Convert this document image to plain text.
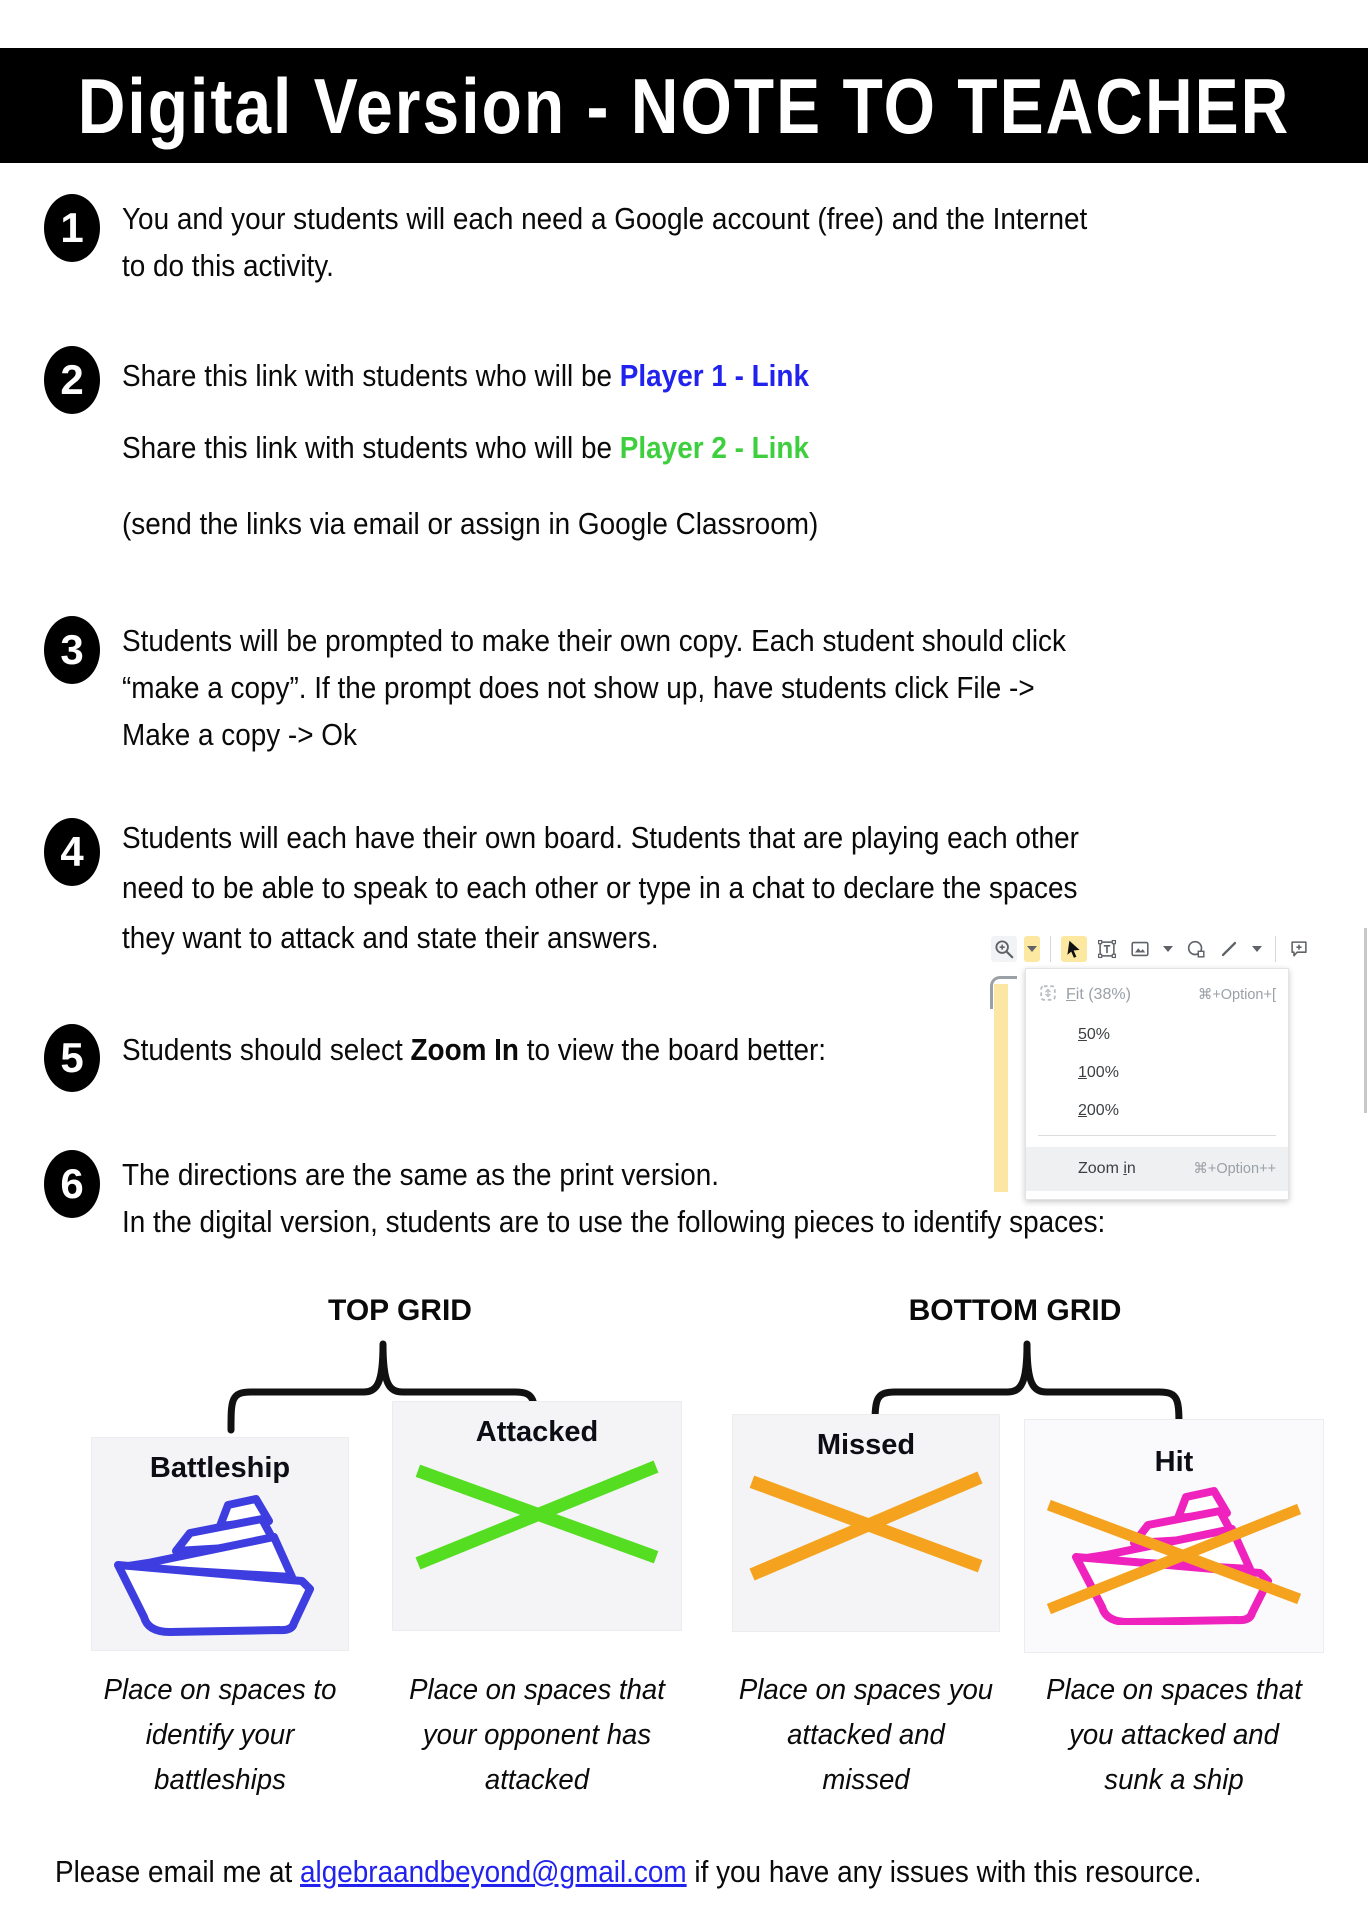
Digital Version - NOTE TO TEACHER
1	You and your students will each need a Google account (free) and the Internet
to do this activity.
2	Share this link with students who will be Player 1 - Link
Share this link with students who will be Player 2 - Link
(send the links via email or assign in Google Classroom)
3	Students will be prompted to make their own copy. Each student should click
“make a copy”. If the prompt does not show up, have students click File ->
Make a copy -> Ok
4	Students will each have their own board. Students that are playing each other
need to be able to speak to each other or type in a chat to declare the spaces
they want to attack and state their answers.
5	Students should select Zoom In to view the board better:
6	The directions are the same as the print version.
In the digital version, students are to use the following pieces to identify spaces:
Fit (38%)	⌘+Option+[
50%
100%
200%
Zoom in	⌘+Option++
TOP GRID	BOTTOM GRID
Battleship
Attacked	Missed
Hit
Place on spaces to
identify your
battleships
Place on spaces that
your opponent has
attacked
Place on spaces you
attacked and
missed
Place on spaces that
you attacked and
sunk a ship
Please email me at algebraandbeyond@gmail.com if you have any issues with this resource.
